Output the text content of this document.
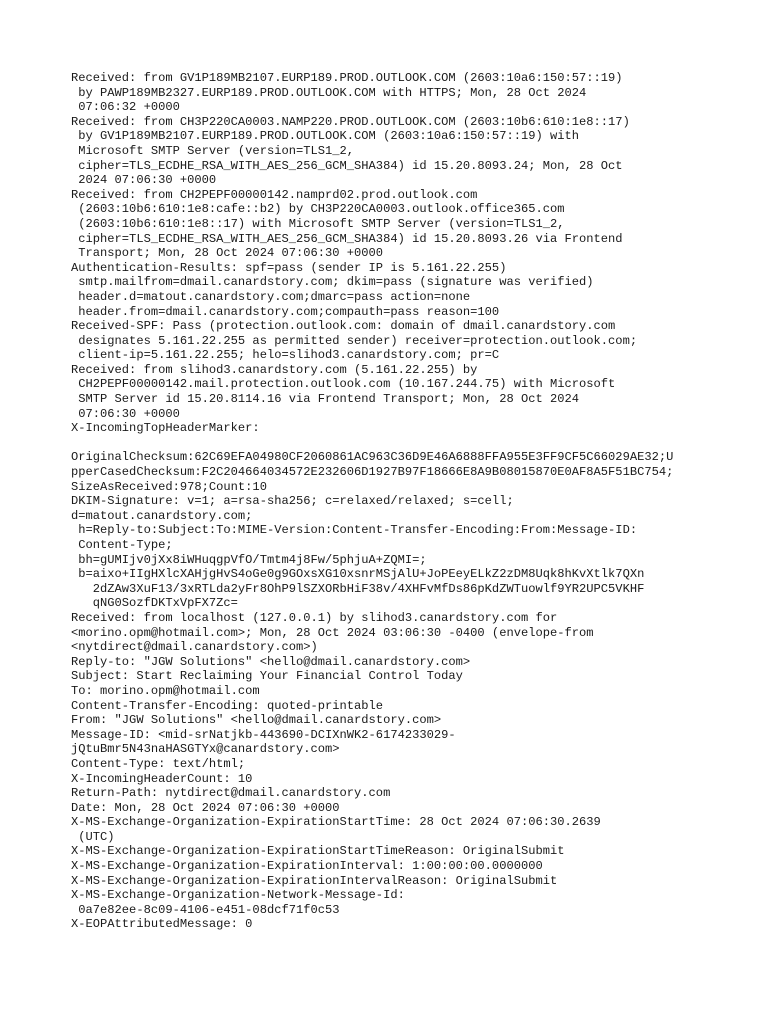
Received: from GV1P189MB2107.EURP189.PROD.OUTLOOK.COM (2603:10a6:150:57::19)
by PAWP189MB2327.EURP189.PROD.OUTLOOK.COM with HTTPS; Mon, 28 Oct 2024
07:06:32 +0000
Received: from CH3P220CA0003.NAMP220.PROD.OUTLOOK.COM (2603:10b6:610:1e8::17)
by GV1P189MB2107.EURP189.PROD.OUTLOOK.COM (2603:10a6:150:57::19) with
Microsoft SMTP Server (version=TLS1_2,
cipher=TLS_ECDHE_RSA_WITH_AES_256_GCM_SHA384) id 15.20.8093.24; Mon, 28 Oct
2024 07:06:30 +0000
Received: from CH2PEPF00000142.namprd02.prod.outlook.com
(2603:10b6:610:1e8:cafe::b2) by CH3P220CA0003.outlook.office365.com
(2603:10b6:610:1e8::17) with Microsoft SMTP Server (version=TLS1_2,
cipher=TLS_ECDHE_RSA_WITH_AES_256_GCM_SHA384) id 15.20.8093.26 via Frontend
Transport; Mon, 28 Oct 2024 07:06:30 +0000
Authentication-Results: spf=pass (sender IP is 5.161.22.255)
smtp.mailfrom=dmail.canardstory.com; dkim=pass (signature was verified)
header.d=matout.canardstory.com;dmarc=pass action=none
header.from=dmail.canardstory.com;compauth=pass reason=100
Received-SPF: Pass (protection.outlook.com: domain of dmail.canardstory.com
designates 5.161.22.255 as permitted sender) receiver=protection.outlook.com;
client-ip=5.161.22.255; helo=slihod3.canardstory.com; pr=C
Received: from slihod3.canardstory.com (5.161.22.255) by
CH2PEPF00000142.mail.protection.outlook.com (10.167.244.75) with Microsoft
SMTP Server id 15.20.8114.16 via Frontend Transport; Mon, 28 Oct 2024
07:06:30 +0000
X-IncomingTopHeaderMarker:
OriginalChecksum:62C69EFA04980CF2060861AC963C36D9E46A6888FFA955E3FF9CF5C66029AE32;U
pperCasedChecksum:F2C204664034572E232606D1927B97F18666E8A9B08015870E0AF8A5F51BC754;
SizeAsReceived:978;Count:10
DKIM-Signature: v=1; a=rsa-sha256; c=relaxed/relaxed; s=cell;
d=matout.canardstory.com;
h=Reply-to:Subject:To:MIME-Version:Content-Transfer-Encoding:From:Message-ID:
Content-Type;
bh=gUMIjv0jXx8iWHuqgpVfO/Tmtm4j8Fw/5phjuA+ZQMI=;
b=aixo+IIgHXlcXAHjgHvS4oGe0g9GOxsXG10xsnrMSjAlU+JoPEeyELkZ2zDM8Uqk8hKvXtlk7QXn
2dZAw3XuF13/3xRTLda2yFr8OhP9lSZXORbHiF38v/4XHFvMfDs86pKdZWTuowlf9YR2UPC5VKHF
qNG0SozfDKTxVpFX7Zc=
Received: from localhost (127.0.0.1) by slihod3.canardstory.com for
<morino.opm@hotmail.com>; Mon, 28 Oct 2024 03:06:30 -0400 (envelope-from
<nytdirect@dmail.canardstory.com>)
Reply-to: "JGW Solutions" <hello@dmail.canardstory.com>
Subject: Start Reclaiming Your Financial Control Today
To: morino.opm@hotmail.com
Content-Transfer-Encoding: quoted-printable
From: "JGW Solutions" <hello@dmail.canardstory.com>
Message-ID: <mid-srNatjkb-443690-DCIXnWK2-6174233029-
jQtuBmr5N43naHASGTYx@canardstory.com>
Content-Type: text/html;
X-IncomingHeaderCount: 10
Return-Path: nytdirect@dmail.canardstory.com
Date: Mon, 28 Oct 2024 07:06:30 +0000
X-MS-Exchange-Organization-ExpirationStartTime: 28 Oct 2024 07:06:30.2639
(UTC)
X-MS-Exchange-Organization-ExpirationStartTimeReason: OriginalSubmit
X-MS-Exchange-Organization-ExpirationInterval: 1:00:00:00.0000000
X-MS-Exchange-Organization-ExpirationIntervalReason: OriginalSubmit
X-MS-Exchange-Organization-Network-Message-Id:
0a7e82ee-8c09-4106-e451-08dcf71f0c53
X-EOPAttributedMessage: 0
